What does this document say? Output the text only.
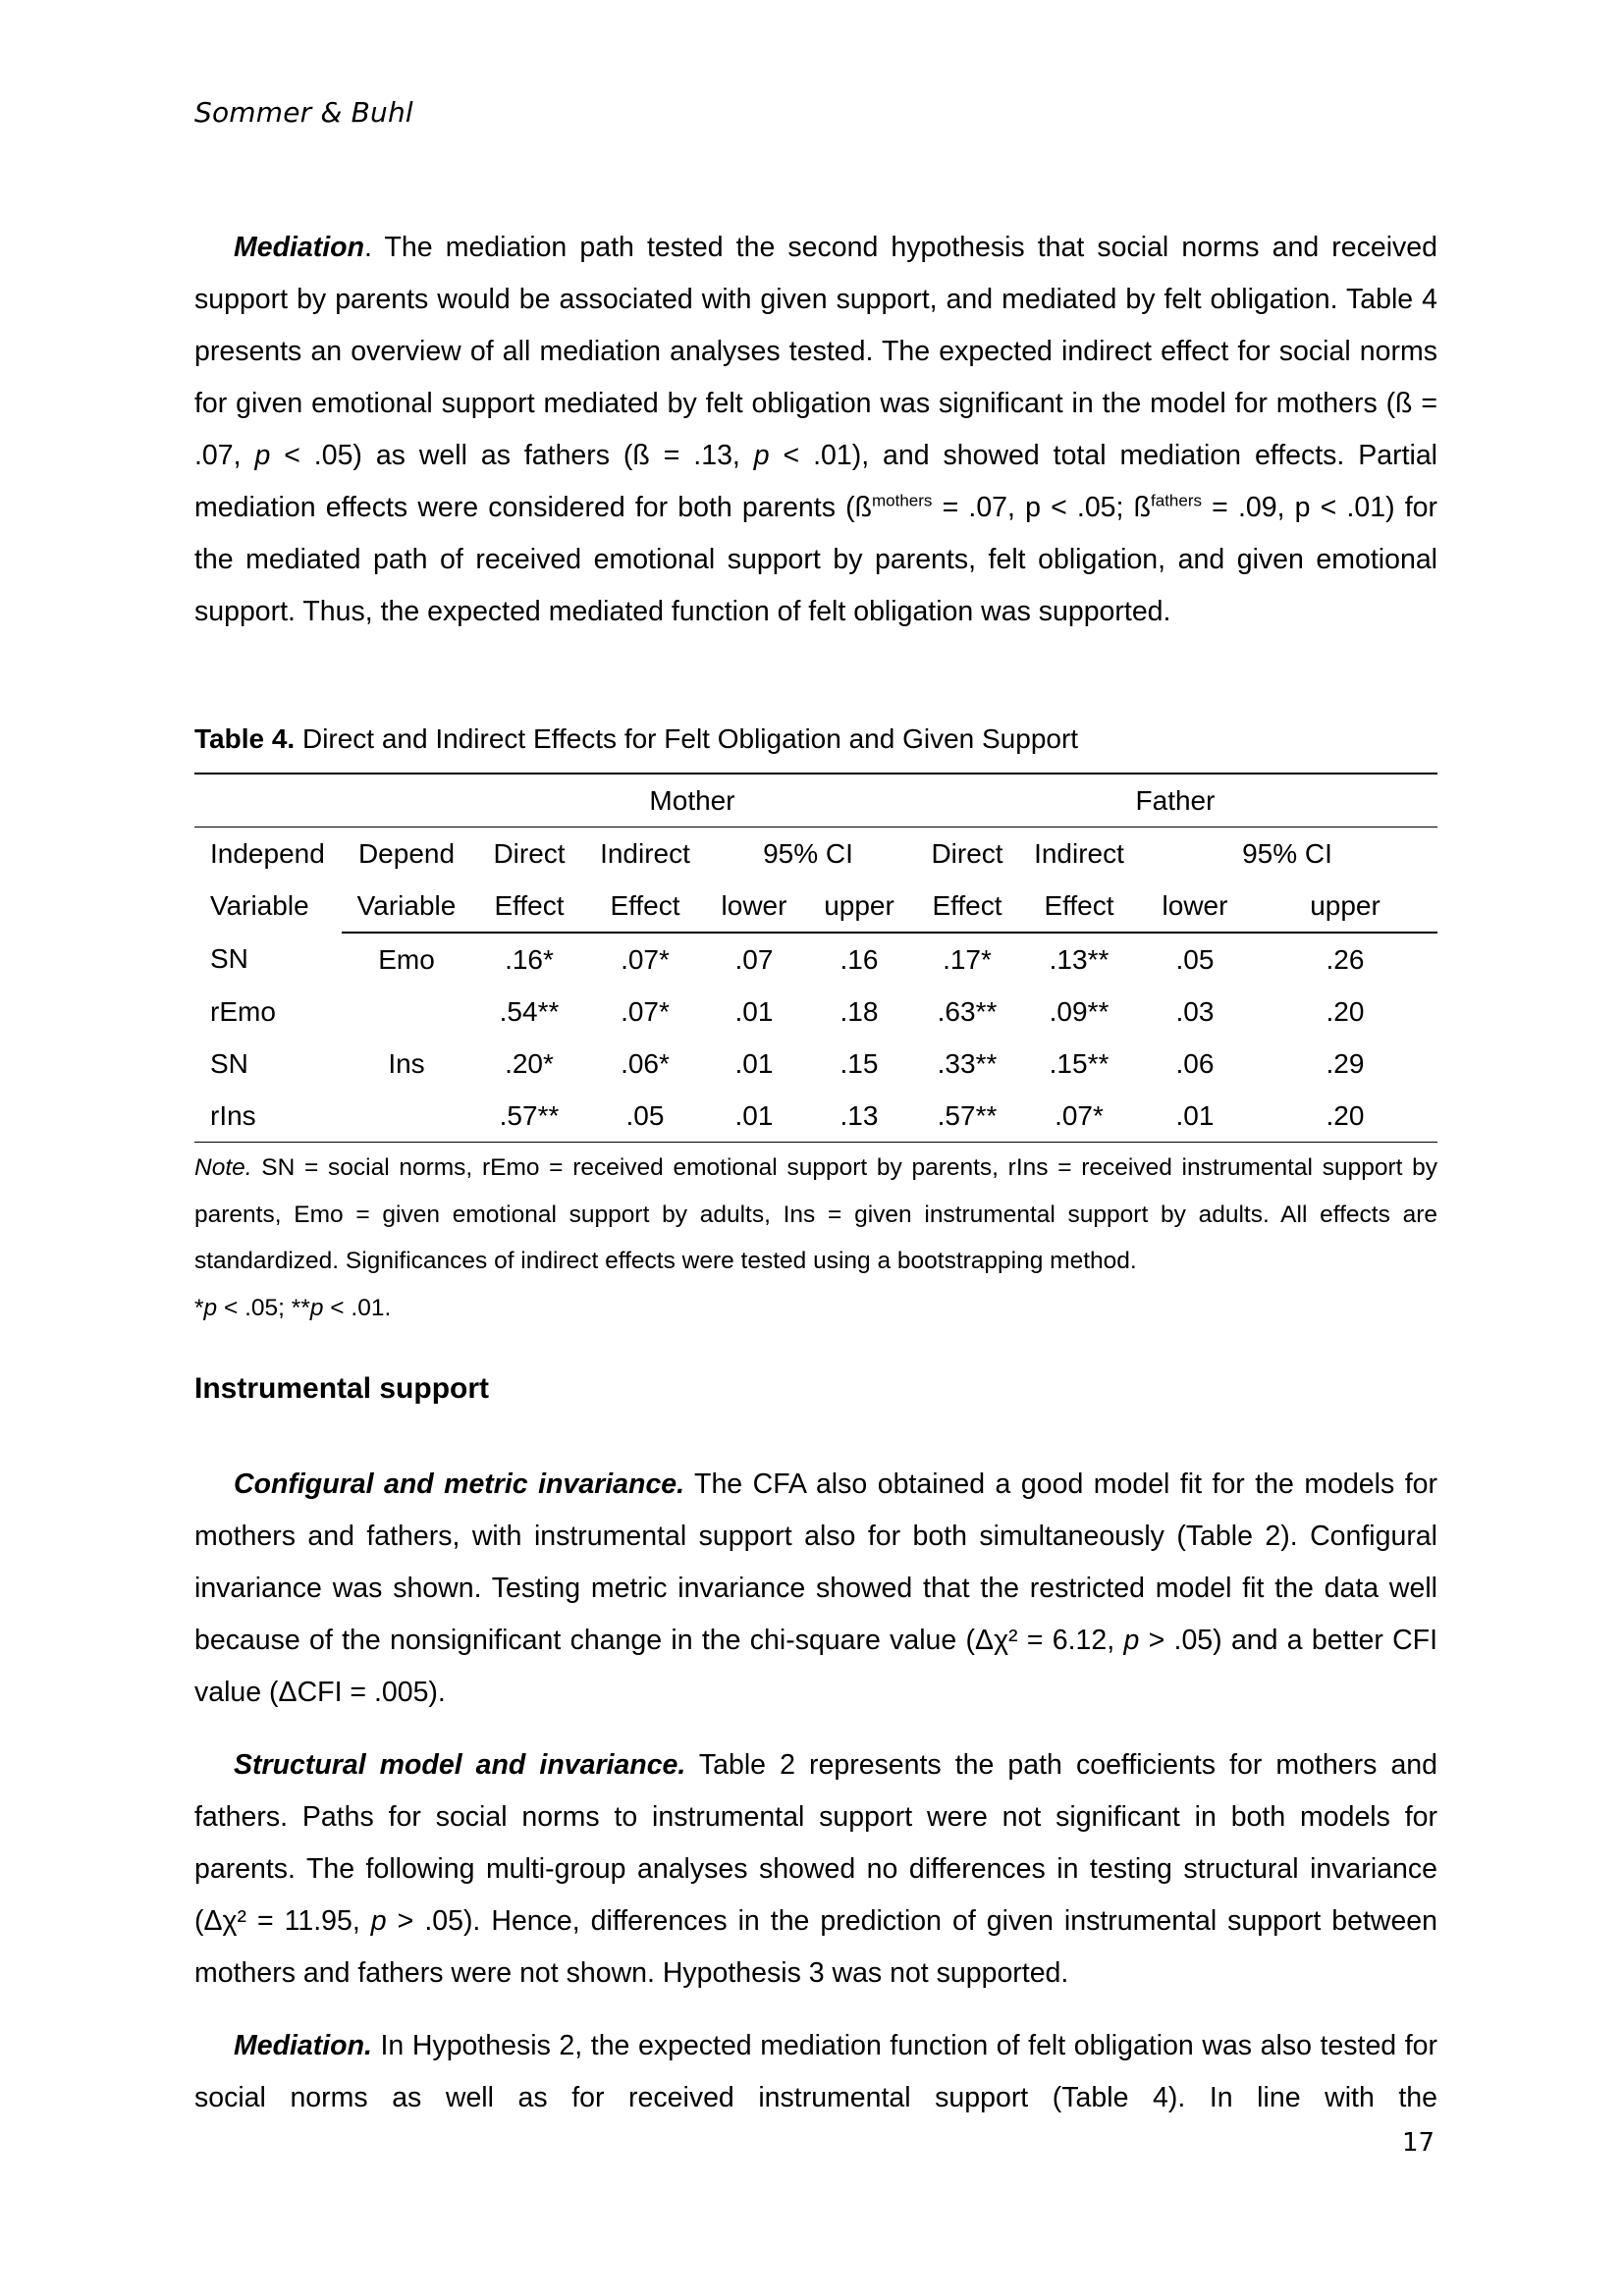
Sommer & Buhl

Mediation. The mediation path tested the second hypothesis that social norms and received support by parents would be associated with given support, and mediated by felt obligation. Table 4 presents an overview of all mediation analyses tested. The expected indirect effect for social norms for given emotional support mediated by felt obligation was significant in the model for mothers (ß = .07, p < .05) as well as fathers (ß = .13, p < .01), and showed total mediation effects. Partial mediation effects were considered for both parents ($ß^{mothers} = .07$, p < .05; $ß^{fathers} = .09$, p < .01) for the mediated path of received emotional support by parents, felt obligation, and given emotional support. Thus, the expected mediated function of felt obligation was supported.

Table 4. Direct and Indirect Effects for Felt Obligation and Given Support
		Mother				Father			
Independ	Depend	Direct	Indirect	95% CI		Direct	Indirect	95% CI	
Variable	Variable	Effect	Effect	lower	upper	Effect	Effect	lower	upper
SN	Emo	.16*	.07*	.07	.16	.17*	.13**	.05	.26
rEmo		.54**	.07*	.01	.18	.63**	.09**	.03	.20
SN	Ins	.20*	.06*	.01	.15	.33**	.15**	.06	.29
rIns		.57**	.05	.01	.13	.57**	.07*	.01	.20
Note. SN = social norms, rEmo = received emotional support by parents, rIns = received instrumental support by parents, Emo = given emotional support by adults, Ins = given instrumental support by adults. All effects are standardized. Significances of indirect effects were tested using a bootstrapping method.
*p < .05; **p < .01.
Instrumental support

Configural and metric invariance. The CFA also obtained a good model fit for the models for mothers and fathers, with instrumental support also for both simultaneously (Table 2). Configural invariance was shown. Testing metric invariance showed that the restricted model fit the data well because of the nonsignificant change in the chi-square value (Δχ² = 6.12, p > .05) and a better CFI value (ΔCFI = .005).

Structural model and invariance. Table 2 represents the path coefficients for mothers and fathers. Paths for social norms to instrumental support were not significant in both models for parents. The following multi-group analyses showed no differences in testing structural invariance (Δχ² = 11.95, p > .05). Hence, differences in the prediction of given instrumental support between mothers and fathers were not shown. Hypothesis 3 was not supported.

Mediation. In Hypothesis 2, the expected mediation function of felt obligation was also tested for social norms as well as for received instrumental support (Table 4). In line with the

17
